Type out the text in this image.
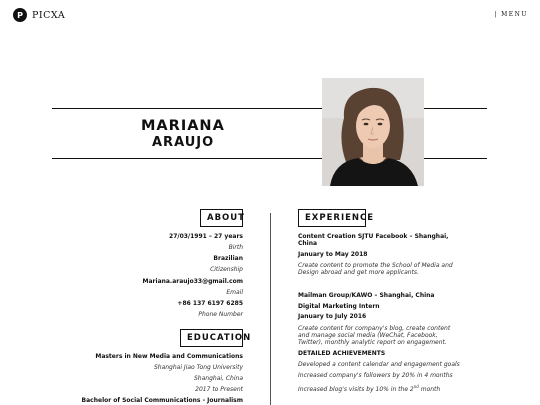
P PICXA	| MENU
MARIANA
ARAUJO
ABOUT
27/03/1991 – 27 years
Birth
Brazilian
Citizenship
Mariana.araujo33@gmail.com
Email
+86 137 6197 6285
Phone Number
EDUCATION
Masters in New Media and Communications
Shanghai Jiao Tong University
Shanghai, China
2017 to Present
Bachelor of Social Communications - Journalism
EXPERIENCE
Content Creation SJTU Facebook – Shanghai, China
January to May 2018
Create content to promote the School of Media and Design abroad and get more applicants.
Mailman Group/KAWO – Shanghai, China
Digital Marketing Intern
January to July 2016
Create content for company's blog, create content and manage social media (WeChat, Facebook, Twitter), monthly analytic report on engagement.
DETAILED ACHIEVEMENTS
Developed a content calendar and engagement goals
Increased company's followers by 20% in 4 months
Increased blog's visits by 10% in the 2nd month
